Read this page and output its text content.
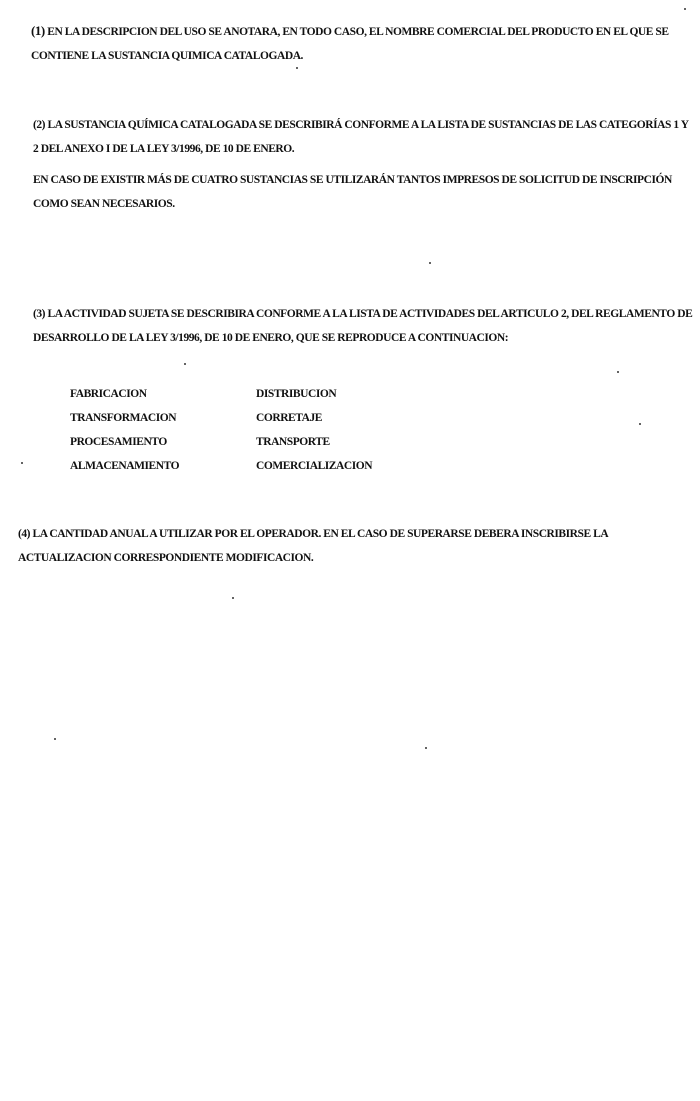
(1) EN LA DESCRIPCION DEL USO SE ANOTARA, EN TODO CASO, EL NOMBRE COMERCIAL DEL PRODUCTO EN EL QUE SE CONTIENE LA SUSTANCIA QUIMICA CATALOGADA.

(2) LA SUSTANCIA QUÍMICA CATALOGADA SE DESCRIBIRÁ CONFORME A LA LISTA DE SUSTANCIAS DE LAS CATEGORÍAS 1 Y 2 DEL ANEXO I DE LA LEY 3/1996, DE 10 DE ENERO.

EN CASO DE EXISTIR MÁS DE CUATRO SUSTANCIAS SE UTILIZARÁN TANTOS IMPRESOS DE SOLICITUD DE INSCRIPCIÓN COMO SEAN NECESARIOS.

(3) LA ACTIVIDAD SUJETA SE DESCRIBIRA CONFORME A LA LISTA DE ACTIVIDADES DEL ARTICULO 2, DEL REGLAMENTO DE DESARROLLO DE LA LEY 3/1996, DE 10 DE ENERO, QUE SE REPRODUCE A CONTINUACION:

FABRICACION	DISTRIBUCION
TRANSFORMACION	CORRETAJE
PROCESAMIENTO	TRANSPORTE
ALMACENAMIENTO	COMERCIALIZACION

(4) LA CANTIDAD ANUAL A UTILIZAR POR EL OPERADOR. EN EL CASO DE SUPERARSE DEBERA INSCRIBIRSE LA ACTUALIZACION CORRESPONDIENTE MODIFICACION.
